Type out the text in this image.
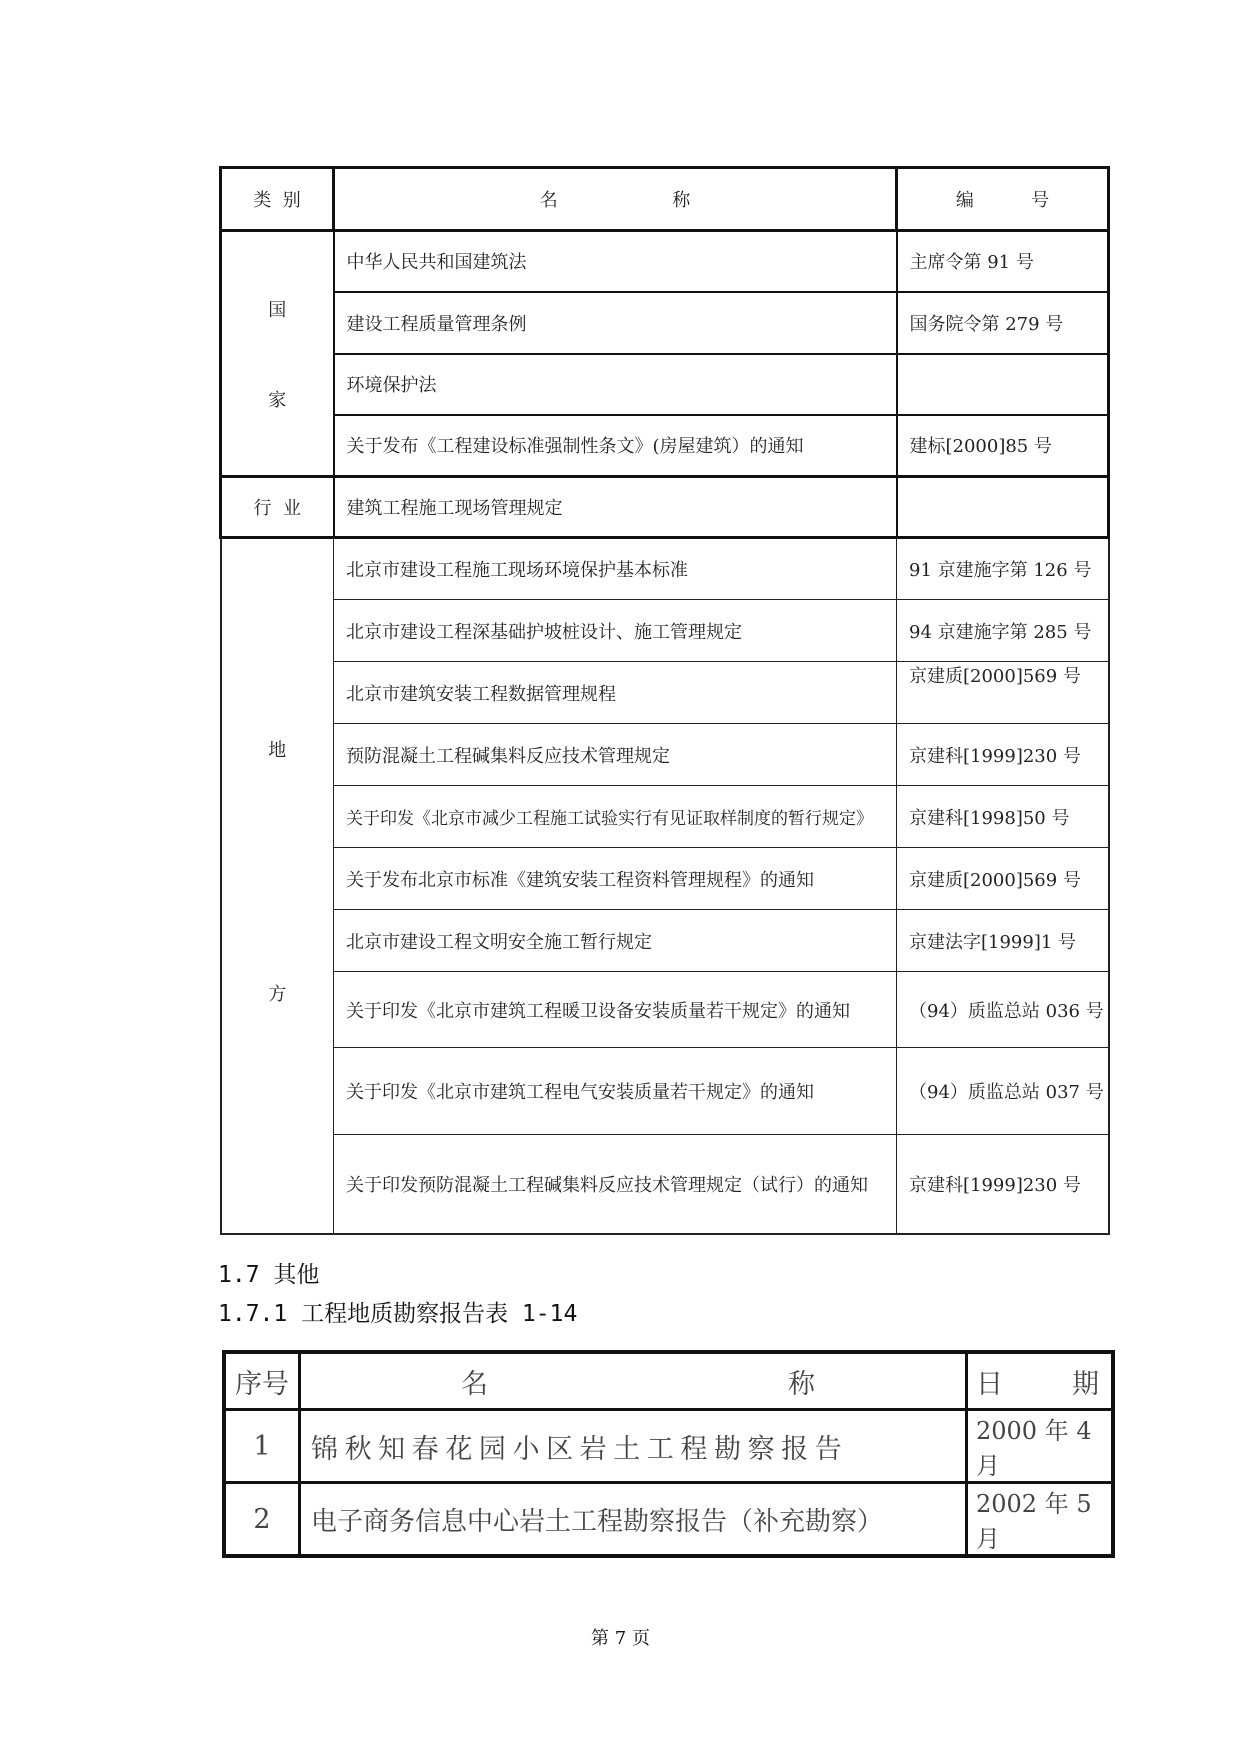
类  别	名                    称	编          号

国
家	中华人民共和国建筑法	主席令第 91 号
	建设工程质量管理条例	国务院令第 279 号
	环境保护法	
	关于发布《工程建设标准强制性条文》(房屋建筑）的通知	建标[2000]85 号
行  业	建筑工程施工现场管理规定	

地
方	北京市建设工程施工现场环境保护基本标准	91 京建施字第 126 号
	北京市建设工程深基础护坡桩设计、施工管理规定	94 京建施字第 285 号
	北京市建筑安装工程数据管理规程	京建质[2000]569 号
	预防混凝土工程碱集料反应技术管理规定	京建科[1999]230 号
	关于印发《北京市减少工程施工试验实行有见证取样制度的暂行规定》	京建科[1998]50 号
	关于发布北京市标准《建筑安装工程资料管理规程》的通知	京建质[2000]569 号
	北京市建设工程文明安全施工暂行规定	京建法字[1999]1 号
	关于印发《北京市建筑工程暖卫设备安装质量若干规定》的通知	（94）质监总站 036 号
	关于印发《北京市建筑工程电气安装质量若干规定》的通知	（94）质监总站 037 号
	关于印发预防混凝土工程碱集料反应技术管理规定（试行）的通知	京建科[1999]230 号
1.7 其他
1.7.1 工程地质勘察报告表 1-14
序号	名 称	日 期

1	锦 秋 知 春 花 园 小 区 岩 土 工 程 勘 察 报 告	2000 年 4 月
2	电子商务信息中心岩土工程勘察报告（补充勘察）	2002 年 5 月
第 7 页
